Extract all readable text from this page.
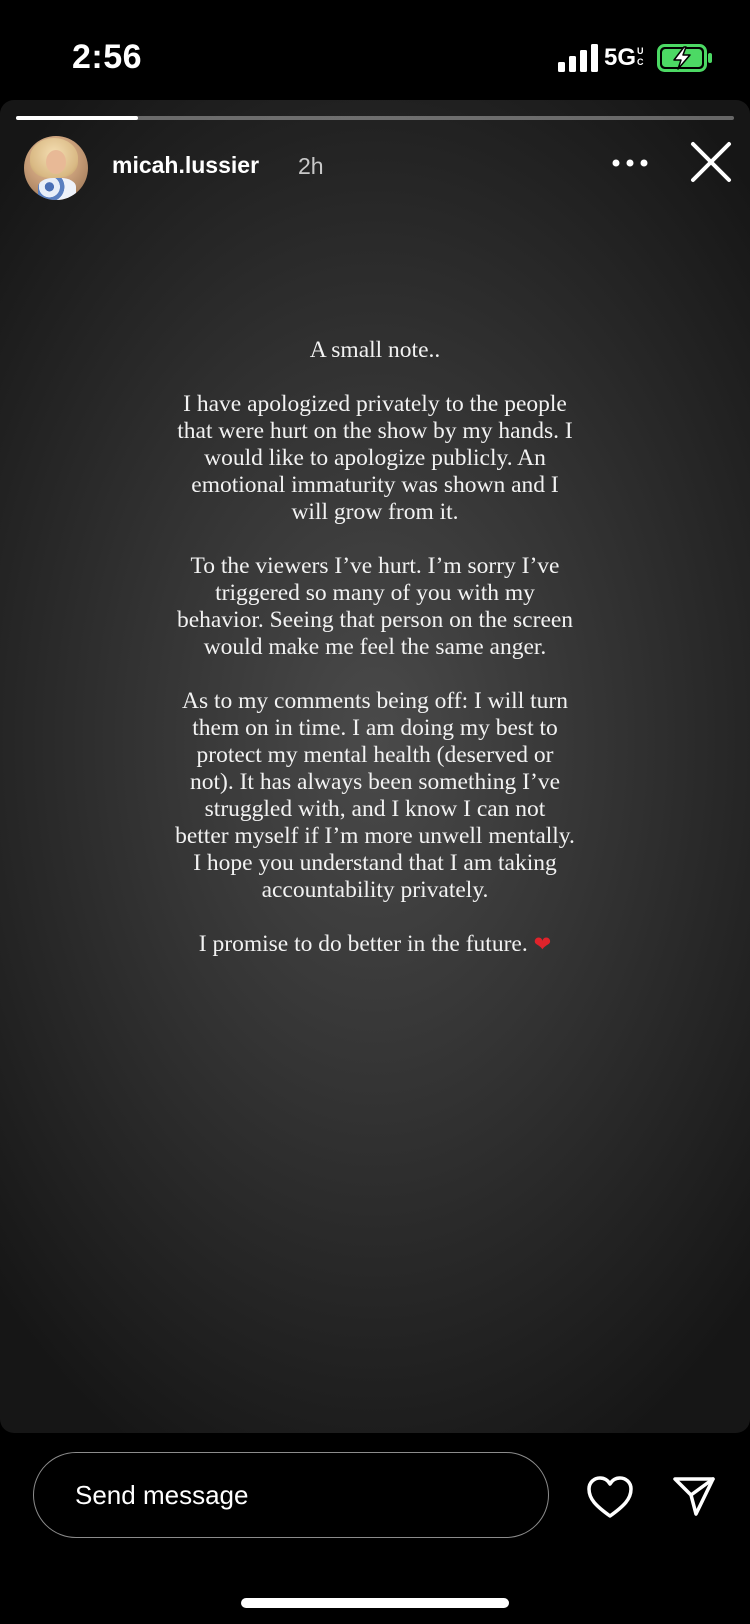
2:56	5G U
C
micah.lussier 2h

A small note..

I have apologized privately to the people that were hurt on the show by my hands. I would like to apologize publicly. An emotional immaturity was shown and I will grow from it.

To the viewers I’ve hurt. I’m sorry I’ve triggered so many of you with my behavior. Seeing that person on the screen would make me feel the same anger.

As to my comments being off: I will turn them on in time. I am doing my best to protect my mental health (deserved or not). It has always been something I’ve struggled with, and I know I can not better myself if I’m more unwell mentally. I hope you understand that I am taking accountability privately.

I promise to do better in the future. ❤

Send message
